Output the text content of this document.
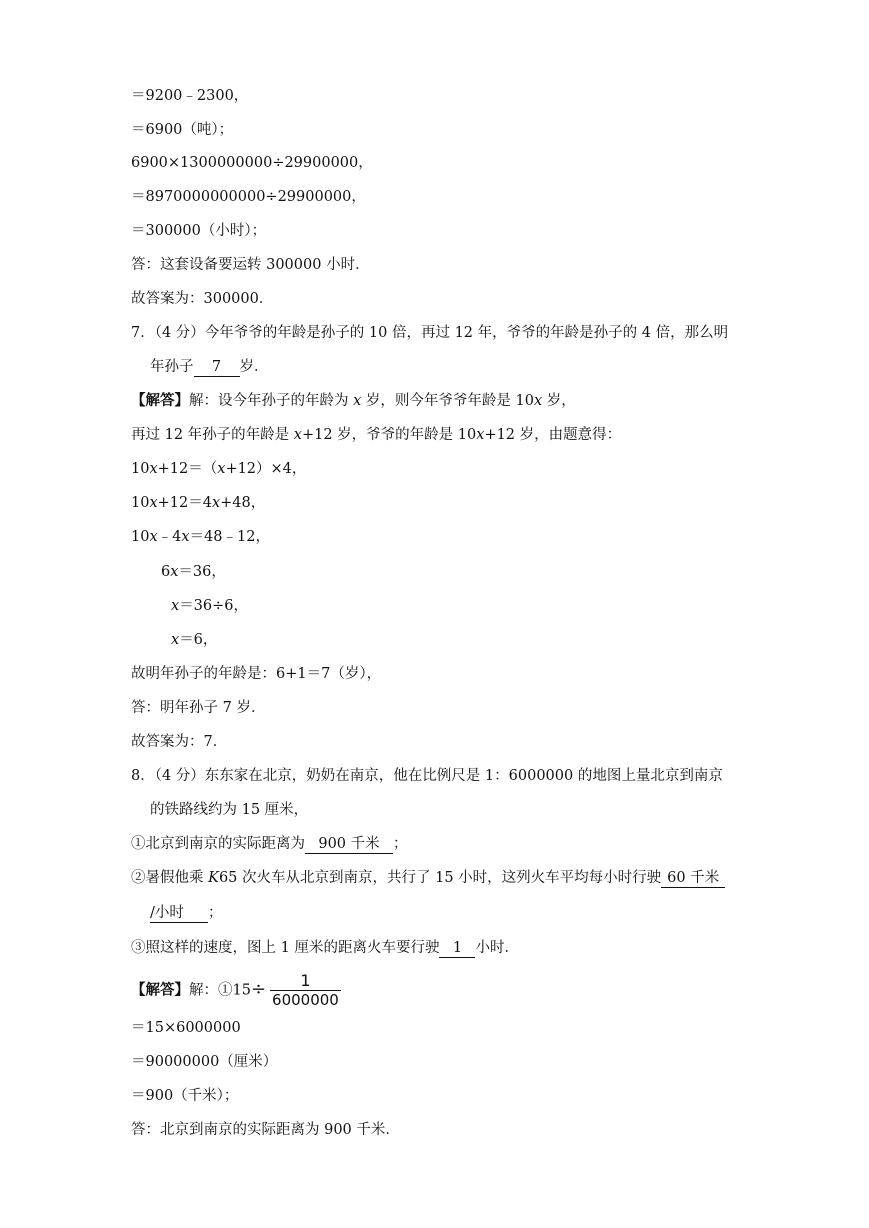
＝9200﹣2300，
＝6900（吨）；
6900×1300000000÷29900000，
＝8970000000000÷29900000，
＝300000（小时）；
答：这套设备要运转 300000 小时．
故答案为：300000．
7．（4 分）今年爷爷的年龄是孙子的 10 倍，再过 12 年，爷爷的年龄是孙子的 4 倍，那么明
年孙子 7 岁．
【解答】解：设今年孙子的年龄为 x 岁，则今年爷爷年龄是 10x 岁，
再过 12 年孙子的年龄是 x+12 岁，爷爷的年龄是 10x+12 岁，由题意得：
10x+12＝（x+12）×4，
10x+12＝4x+48，
10x﹣4x＝48﹣12，
6x＝36，
x＝36÷6，
x＝6，
故明年孙子的年龄是：6+1＝7（岁），
答：明年孙子 7 岁．
故答案为：7．
8．（4 分）东东家在北京，奶奶在南京，他在比例尺是 1：6000000 的地图上量北京到南京
的铁路线约为 15 厘米，
①北京到南京的实际距离为 900 千米 ；
②暑假他乘 K65 次火车从北京到南京，共行了 15 小时，这列火车平均每小时行驶 60 千米
/小时 ；
③照这样的速度，图上 1 厘米的距离火车要行驶 1 小时．
【解答】解：①15÷ $\frac{1}{6000000}$
＝15×6000000
＝90000000（厘米）
＝900（千米）；
答：北京到南京的实际距离为 900 千米．
